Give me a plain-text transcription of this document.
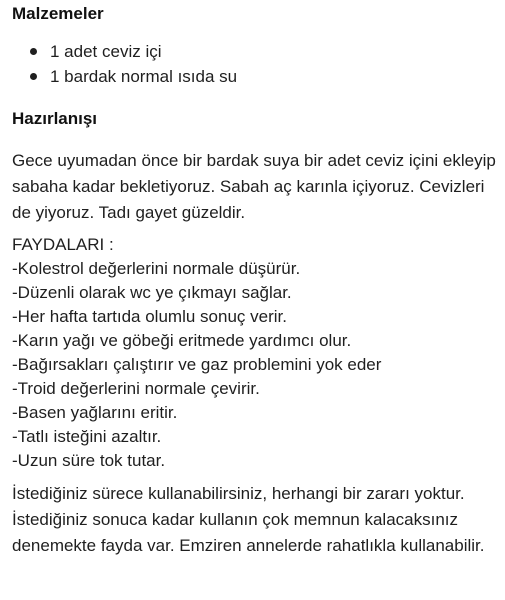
Malzemeler
1 adet ceviz içi
1 bardak normal ısıda su
Hazırlanışı

Gece uyumadan önce bir bardak suya bir adet ceviz içini ekleyip sabaha kadar bekletiyoruz. Sabah aç karınla içiyoruz. Cevizleri de yiyoruz. Tadı gayet güzeldir.

FAYDALARI :
-Kolestrol değerlerini normale düşürür.
-Düzenli olarak wc ye çıkmayı sağlar.
-Her hafta tartıda olumlu sonuç verir.
-Karın yağı ve göbeği eritmede yardımcı olur.
-Bağırsakları çalıştırır ve gaz problemini yok eder
-Troid değerlerini normale çevirir.
-Basen yağlarını eritir.
-Tatlı isteğini azaltır.
-Uzun süre tok tutar.

İstediğiniz sürece kullanabilirsiniz, herhangi bir zararı yoktur. İstediğiniz sonuca kadar kullanın çok memnun kalacaksınız denemekte fayda var. Emziren annelerde rahatlıkla kullanabilir.
